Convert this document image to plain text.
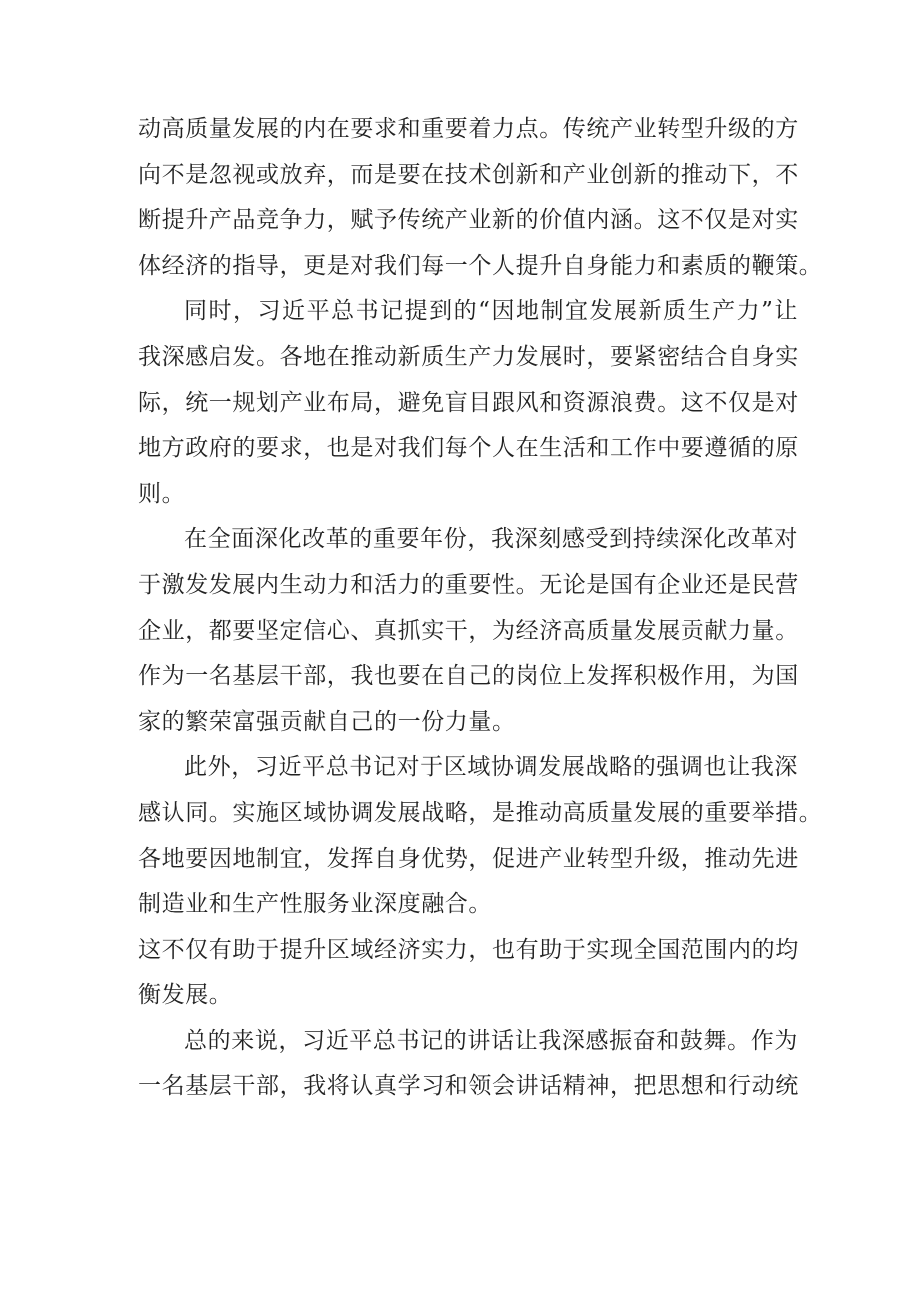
动高质量发展的内在要求和重要着力点。传统产业转型升级的方
向不是忽视或放弃，而是要在技术创新和产业创新的推动下，不
断提升产品竞争力，赋予传统产业新的价值内涵。这不仅是对实
体经济的指导，更是对我们每一个人提升自身能力和素质的鞭策。
同时，习近平总书记提到的“因地制宜发展新质生产力”让
我深感启发。各地在推动新质生产力发展时，要紧密结合自身实
际，统一规划产业布局，避免盲目跟风和资源浪费。这不仅是对
地方政府的要求，也是对我们每个人在生活和工作中要遵循的原
则。
在全面深化改革的重要年份，我深刻感受到持续深化改革对
于激发发展内生动力和活力的重要性。无论是国有企业还是民营
企业，都要坚定信心、真抓实干，为经济高质量发展贡献力量。
作为一名基层干部，我也要在自己的岗位上发挥积极作用，为国
家的繁荣富强贡献自己的一份力量。
此外，习近平总书记对于区域协调发展战略的强调也让我深
感认同。实施区域协调发展战略，是推动高质量发展的重要举措。
各地要因地制宜，发挥自身优势，促进产业转型升级，推动先进
制造业和生产性服务业深度融合。
这不仅有助于提升区域经济实力，也有助于实现全国范围内的均
衡发展。
总的来说，习近平总书记的讲话让我深感振奋和鼓舞。作为
一名基层干部，我将认真学习和领会讲话精神，把思想和行动统
